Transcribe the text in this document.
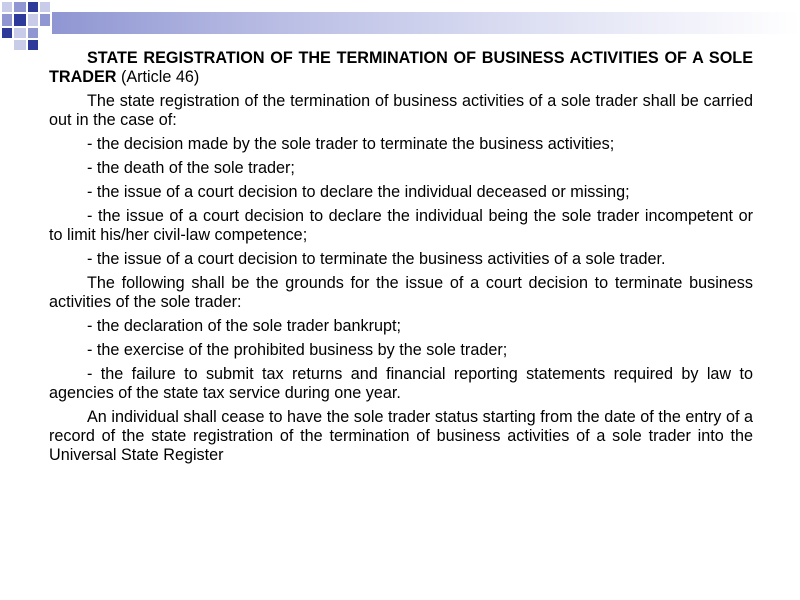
STATE REGISTRATION OF THE TERMINATION OF BUSINESS ACTIVITIES OF A SOLE TRADER (Article 46)

The state registration of the termination of business activities of a sole trader shall be carried out in the case of:

- the decision made by the sole trader to terminate the business activities;

- the death of the sole trader;

- the issue of a court decision to declare the individual deceased or missing;

- the issue of a court decision to declare the individual being the sole trader incompetent or to limit his/her civil-law competence;

- the issue of a court decision to terminate the business activities of a sole trader.

The following shall be the grounds for the issue of a court decision to terminate business activities of the sole trader:

- the declaration of the sole trader bankrupt;

- the exercise of the prohibited business by the sole trader;

- the failure to submit tax returns and financial reporting statements required by law to agencies of the state tax service during one year.

An individual shall cease to have the sole trader status starting from the date of the entry of a record of the state registration of the termination of business activities of a sole trader into the Universal State Register
